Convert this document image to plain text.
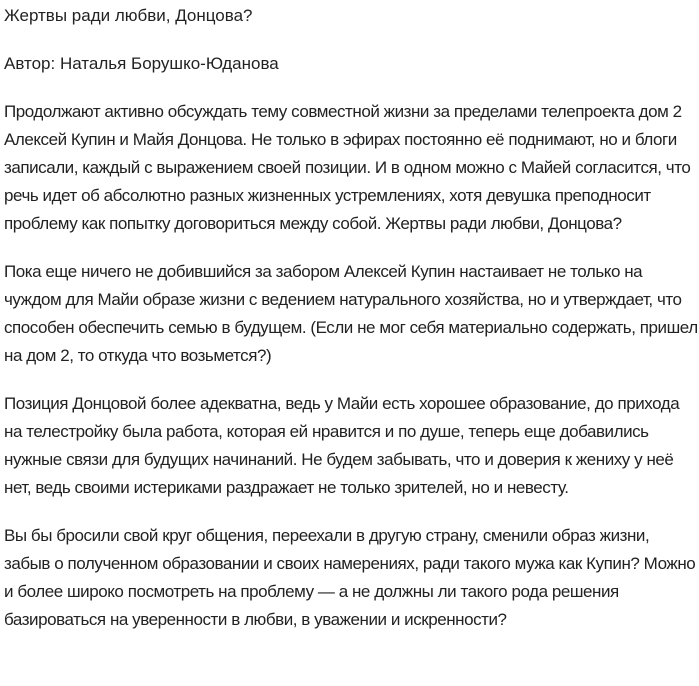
Жертвы ради любви, Донцова?

Автор: Наталья Борушко-Юданова

Продолжают активно обсуждать тему совместной жизни за пределами телепроекта дом 2 Алексей Купин и Майя Донцова. Не только в эфирах постоянно её поднимают, но и блоги записали, каждый с выражением своей позиции. И в одном можно с Майей согласится, что речь идет об абсолютно разных жизненных устремлениях, хотя девушка преподносит проблему как попытку договориться между собой. Жертвы ради любви, Донцова?

Пока еще ничего не добившийся за забором Алексей Купин настаивает не только на чуждом для Майи образе жизни с ведением натурального хозяйства, но и утверждает, что способен обеспечить семью в будущем. (Если не мог себя материально содержать, пришел на дом 2, то откуда что возьмется?)

Позиция Донцовой более адекватна, ведь у Майи есть хорошее образование, до прихода на телестройку была работа, которая ей нравится и по душе, теперь еще добавились нужные связи для будущих начинаний. Не будем забывать, что и доверия к жениху у неё нет, ведь своими истериками раздражает не только зрителей, но и невесту.

Вы бы бросили свой круг общения, переехали в другую страну, сменили образ жизни, забыв о полученном образовании и своих намерениях, ради такого мужа как Купин? Можно и более широко посмотреть на проблему — а не должны ли такого рода решения базироваться на уверенности в любви, в уважении и искренности?
